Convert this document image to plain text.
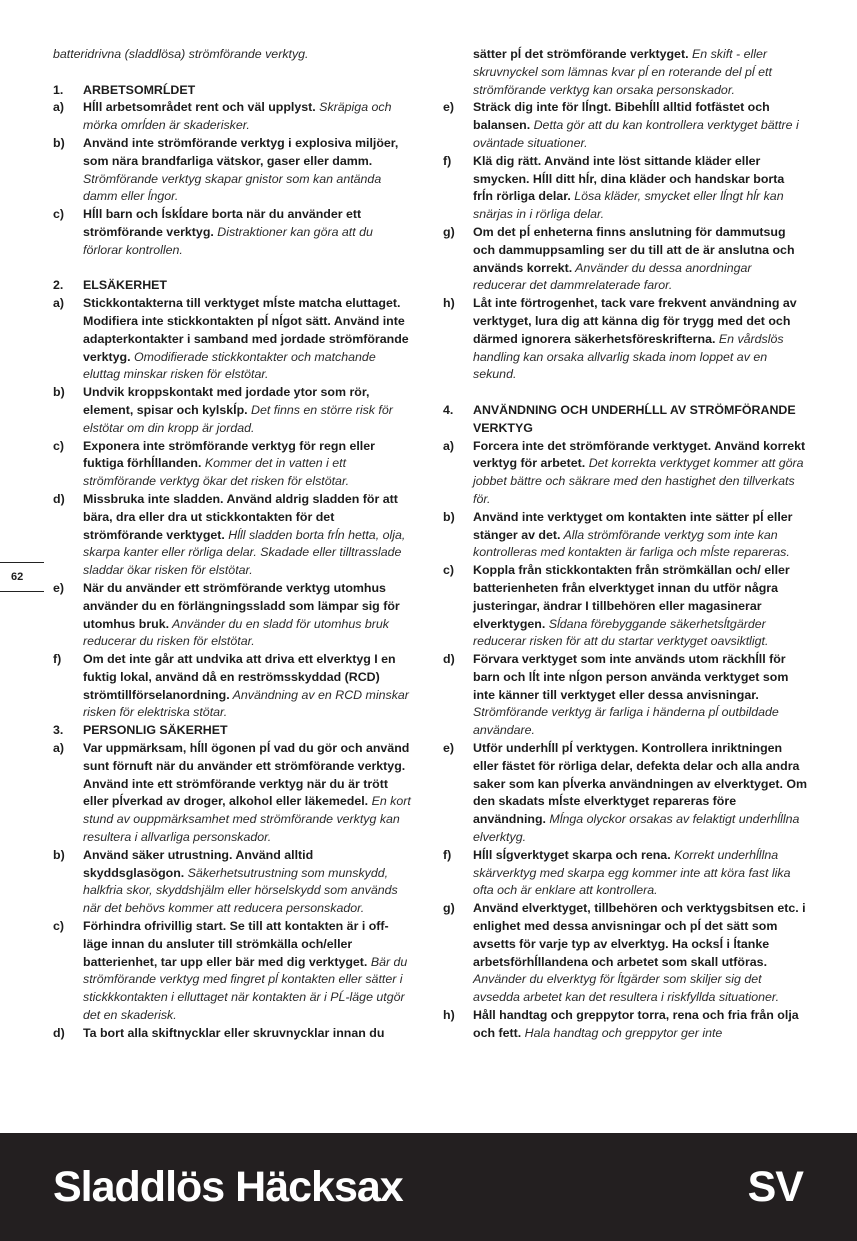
batteridrivna (sladdlösa) strömförande verktyg.

1. ARBETSOMRĹDET

a) Hĺll arbetsområdet rent och väl upplyst. Skräpiga och mörka omrĺden är skaderisker.

b) Använd inte strömförande verktyg i explosiva miljöer, som nära brandfarliga vätskor, gaser eller damm. Strömförande verktyg skapar gnistor som kan antända damm eller ĺngor.

c) Hĺll barn och ĺskĺdare borta när du använder ett strömförande verktyg. Distraktioner kan göra att du förlorar kontrollen.

2. ELSÄKERHET

a) Stickkontakterna till verktyget mĺste matcha eluttaget. Modifiera inte stickkontakten pĺ nĺgot sätt. Använd inte adapterkontakter i samband med jordade strömförande verktyg. Omodifierade stickkontakter och matchande eluttag minskar risken för elstötar.

b) Undvik kroppskontakt med jordade ytor som rör, element, spisar och kylskĺp. Det finns en större risk för elstötar om din kropp är jordad.

c) Exponera inte strömförande verktyg för regn eller fuktiga förhĺllanden. Kommer det in vatten i ett strömförande verktyg ökar det risken för elstötar.

d) Missbruka inte sladden. Använd aldrig sladden för att bära, dra eller dra ut stickkontakten för det strömförande verktyget. Hĺll sladden borta frĺn hetta, olja, skarpa kanter eller rörliga delar. Skadade eller tilltrasslade sladdar ökar risken för elstötar.

e) När du använder ett strömförande verktyg utomhus använder du en förlängningssladd som lämpar sig för utomhus bruk. Använder du en sladd för utomhus bruk reducerar du risken för elstötar.

f) Om det inte går att undvika att driva ett elverktyg I en fuktig lokal, använd då en reströmsskyddad (RCD) strömtillförselanordning. Användning av en RCD minskar risken för elektriska stötar.

3. PERSONLIG SÄKERHET

a) Var uppmärksam, hĺll ögonen pĺ vad du gör och använd sunt förnuft när du använder ett strömförande verktyg. Använd inte ett strömförande verktyg när du är trött eller pĺverkad av droger, alkohol eller läkemedel. En kort stund av ouppmärksamhet med strömförande verktyg kan resultera i allvarliga personskador.

b) Använd säker utrustning. Använd alltid skyddsglasögon. Säkerhetsutrustning som munskydd, halkfria skor, skyddshjälm eller hörselskydd som används när det behövs kommer att reducera personskador.

c) Förhindra ofrivillig start. Se till att kontakten är i off-läge innan du ansluter till strömkälla och/eller batterienhet, tar upp eller bär med dig verktyget. Bär du strömförande verktyg med fingret pĺ kontakten eller sätter i stickkkontakten i elluttaget när kontakten är i PĹ-läge utgör det en skaderisk.

d) Ta bort alla skiftnycklar eller skruvnycklar innan du

sätter pĺ det strömförande verktyget. En skift - eller skruvnyckel som lämnas kvar pĺ en roterande del pĺ ett strömförande verktyg kan orsaka personskador.

e) Sträck dig inte för lĺngt. Bibehĺll alltid fotfästet och balansen. Detta gör att du kan kontrollera verktyget bättre i oväntade situationer.

f) Klä dig rätt. Använd inte löst sittande kläder eller smycken. Hĺll ditt hĺr, dina kläder och handskar borta frĺn rörliga delar. Lösa kläder, smycket eller lĺngt hĺr kan snärjas in i rörliga delar.

g) Om det pĺ enheterna finns anslutning för dammutsug och dammuppsamling ser du till att de är anslutna och används korrekt. Använder du dessa anordningar reducerar det dammrelaterade faror.

h) Låt inte förtrogenhet, tack vare frekvent användning av verktyget, lura dig att känna dig för trygg med det och därmed ignorera säkerhetsföreskrifterna. En vårdslös handling kan orsaka allvarlig skada inom loppet av en sekund.

4. ANVÄNDNING OCH UNDERHĹLL AV STRÖMFÖRANDE VERKTYG

a) Forcera inte det strömförande verktyget. Använd korrekt verktyg för arbetet. Det korrekta verktyget kommer att göra jobbet bättre och säkrare med den hastighet den tillverkats för.

b) Använd inte verktyget om kontakten inte sätter pĺ eller stänger av det. Alla strömförande verktyg som inte kan kontrolleras med kontakten är farliga och mĺste repareras.

c) Koppla från stickkontakten från strömkällan och/ eller batterienheten från elverktyget innan du utför några justeringar, ändrar I tillbehören eller magasinerar elverktygen. Sĺdana förebyggande säkerhetsĺtgärder reducerar risken för att du startar verktyget oavsiktligt.

d) Förvara verktyget som inte används utom räckhĺll för barn och lĺt inte nĺgon person använda verktyget som inte känner till verktyget eller dessa anvisningar. Strömförande verktyg är farliga i händerna pĺ outbildade användare.

e) Utför underhĺll pĺ verktygen. Kontrollera inriktningen eller fästet för rörliga delar, defekta delar och alla andra saker som kan pĺverka användningen av elverktyget. Om den skadats mĺste elverktyget repareras före användning. Mĺnga olyckor orsakas av felaktigt underhĺllna elverktyg.

f) Hĺll sĺgverktyget skarpa och rena. Korrekt underhĺllna skärverktyg med skarpa egg kommer inte att köra fast lika ofta och är enklare att kontrollera.

g) Använd elverktyget, tillbehören och verktygsbitsen etc. i enlighet med dessa anvisningar och pĺ det sätt som avsetts för varje typ av elverktyg. Ha ocksĺ i ĺtanke arbetsförhĺllandena och arbetet som skall utföras. Använder du elverktyg för ĺtgärder som skiljer sig det avsedda arbetet kan det resultera i riskfyllda situationer.

h) Håll handtag och greppytor torra, rena och fria från olja och fett. Hala handtag och greppytor ger inte

62
Sladdlös Häcksax	SV
